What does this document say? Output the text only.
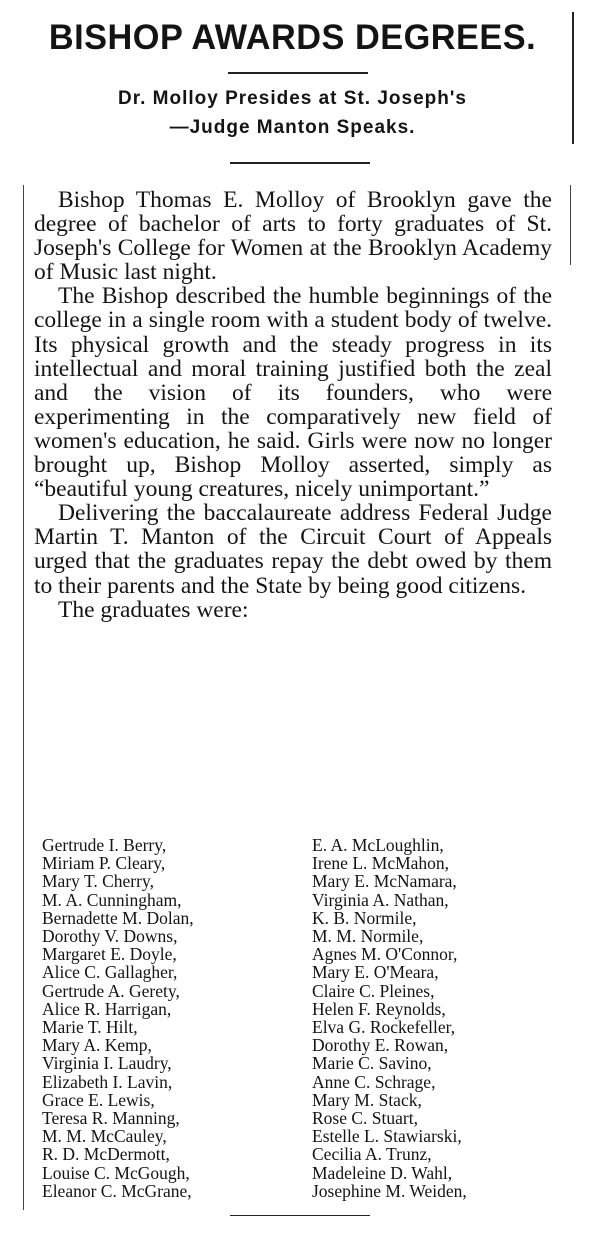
BISHOP AWARDS DEGREES.
Dr. Molloy Presides at St. Joseph's
—Judge Manton Speaks.

Bishop Thomas E. Molloy of Brooklyn gave the degree of bachelor of arts to forty graduates of St. Joseph's College for Women at the Brooklyn Academy of Music last night.

The Bishop described the humble beginnings of the college in a single room with a student body of twelve. Its physical growth and the steady progress in its intellectual and moral training justified both the zeal and the vision of its founders, who were experimenting in the comparatively new field of women's education, he said. Girls were now no longer brought up, Bishop Molloy asserted, simply as “beautiful young creatures, nicely unimportant.”

Delivering the baccalaureate address Federal Judge Martin T. Manton of the Circuit Court of Appeals urged that the graduates repay the debt owed by them to their parents and the State by being good citizens.

The graduates were:

Gertrude I. Berry,
Miriam P. Cleary,
Mary T. Cherry,
M. A. Cunningham,
Bernadette M. Dolan,
Dorothy V. Downs,
Margaret E. Doyle,
Alice C. Gallagher,
Gertrude A. Gerety,
Alice R. Harrigan,
Marie T. Hilt,
Mary A. Kemp,
Virginia I. Laudry,
Elizabeth I. Lavin,
Grace E. Lewis,
Teresa R. Manning,
M. M. McCauley,
R. D. McDermott,
Louise C. McGough,
Eleanor C. McGrane,
E. A. McLoughlin,
Irene L. McMahon,
Mary E. McNamara,
Virginia A. Nathan,
K. B. Normile,
M. M. Normile,
Agnes M. O'Connor,
Mary E. O'Meara,
Claire C. Pleines,
Helen F. Reynolds,
Elva G. Rockefeller,
Dorothy E. Rowan,
Marie C. Savino,
Anne C. Schrage,
Mary M. Stack,
Rose C. Stuart,
Estelle L. Stawiarski,
Cecilia A. Trunz,
Madeleine D. Wahl,
Josephine M. Weiden,
